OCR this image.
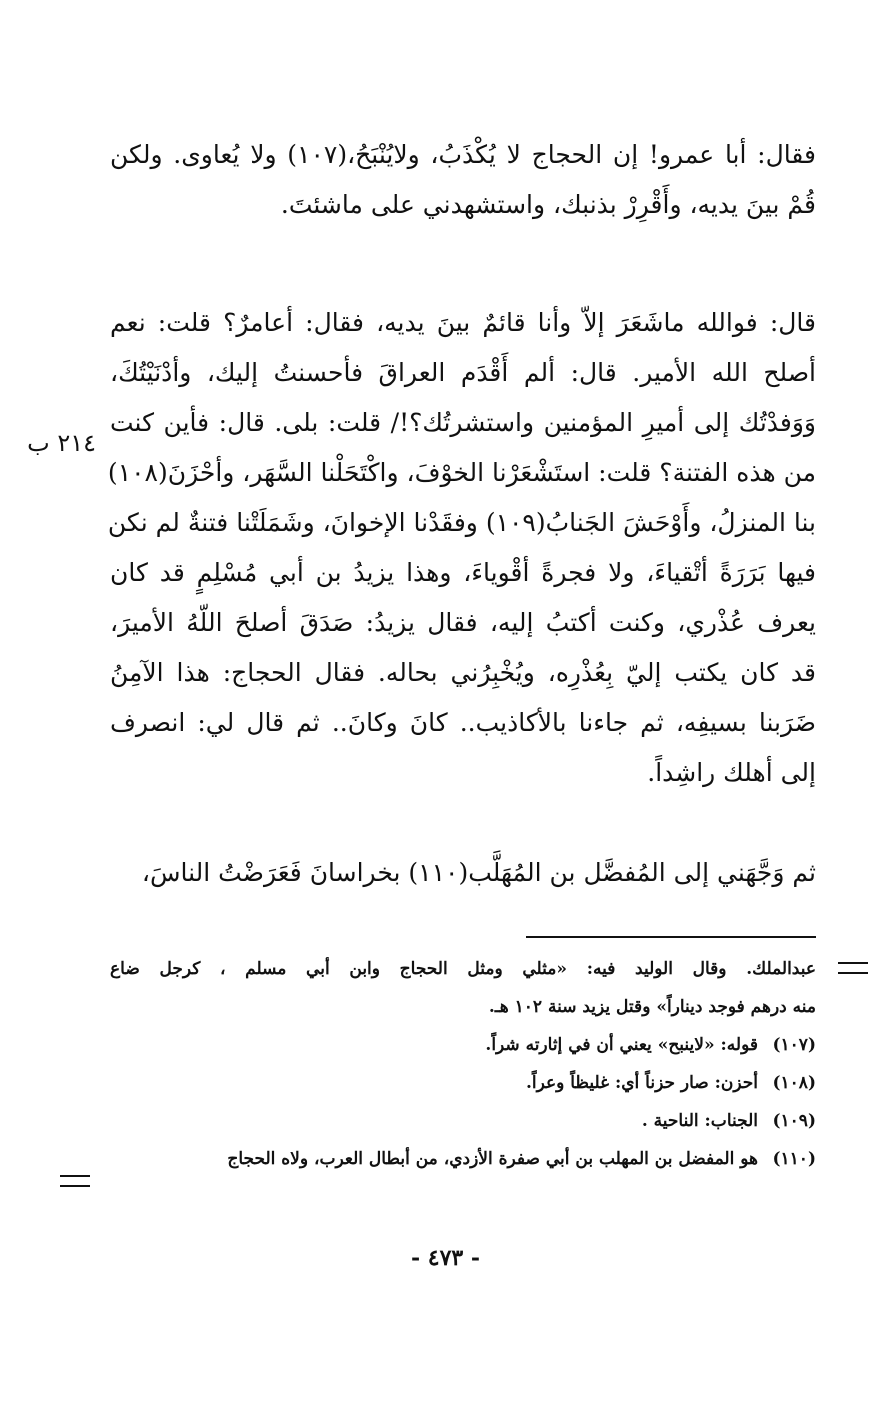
فقال: أبا عمرو! إن الحجاج لا يُكْذَبُ، ولايُنْبَحُ،(١٠٧) ولا يُعاوى. ولكن
قُمْ بينَ يديه، وأَقْرِرْ بذنبك، واستشهدني على ماشئتَ.
قال: فوالله ماشَعَرَ إلاّ وأنا قائمٌ بينَ يديه، فقال: أعامرٌ؟ قلت: نعم
أصلح الله الأمير. قال: ألم أَقْدَم العراقَ فأحسنتُ إليك، وأدْنَيْتُكَ،
وَوَفدْتُك إلى أميرِ المؤمنين واستشرتُك؟!/ قلت: بلى. قال: فأين كنت
من هذه الفتنة؟ قلت: استَشْعَرْنا الخوْفَ، واكْتَحَلْنا السَّهَر، وأحْزَنَ(١٠٨)
بنا المنزلُ، وأَوْحَشَ الجَنابُ(١٠٩) وفقَدْنا الإخوانَ، وشَمَلَتْنا فتنةٌ لم نكن
فيها بَرَرَةً أتْقياءَ، ولا فجرةً أقْوياءَ، وهذا يزيدُ بن أبي مُسْلِمٍ قد كان
يعرف عُذْري، وكنت أكتبُ إليه، فقال يزيدُ: صَدَقَ أصلحَ اللّهُ الأميرَ،
قد كان يكتب إليّ بِعُذْرِه، ويُخْبِرُني بحاله. فقال الحجاج: هذا الآمِنُ
ضَرَبنا بسيفِه، ثم جاءنا بالأكاذيب.. كانَ وكانَ.. ثم قال لي: انصرف
إلى أهلك راشِداً.
ثم وَجَّهَني إلى المُفضَّل بن المُهَلَّب(١١٠) بخراسانَ فَعَرَضْتُ الناسَ،
٢١٤ ب
عبدالملك. وقال الوليد فيه: «مثلي ومثل الحجاج وابن أبي مسلم ، كرجل ضاع
منه درهم فوجد ديناراً» وقتل يزيد سنة ١٠٢ هـ.
(١٠٧)قوله: «لاينبح» يعني أن في إثارته شراً.
(١٠٨)أحزن: صار حزناً أي: غليظاً وعراً.
(١٠٩)الجناب: الناحية .
(١١٠)هو المفضل بن المهلب بن أبي صفرة الأزدي، من أبطال العرب، ولاه الحجاج
- ٤٧٣ -
